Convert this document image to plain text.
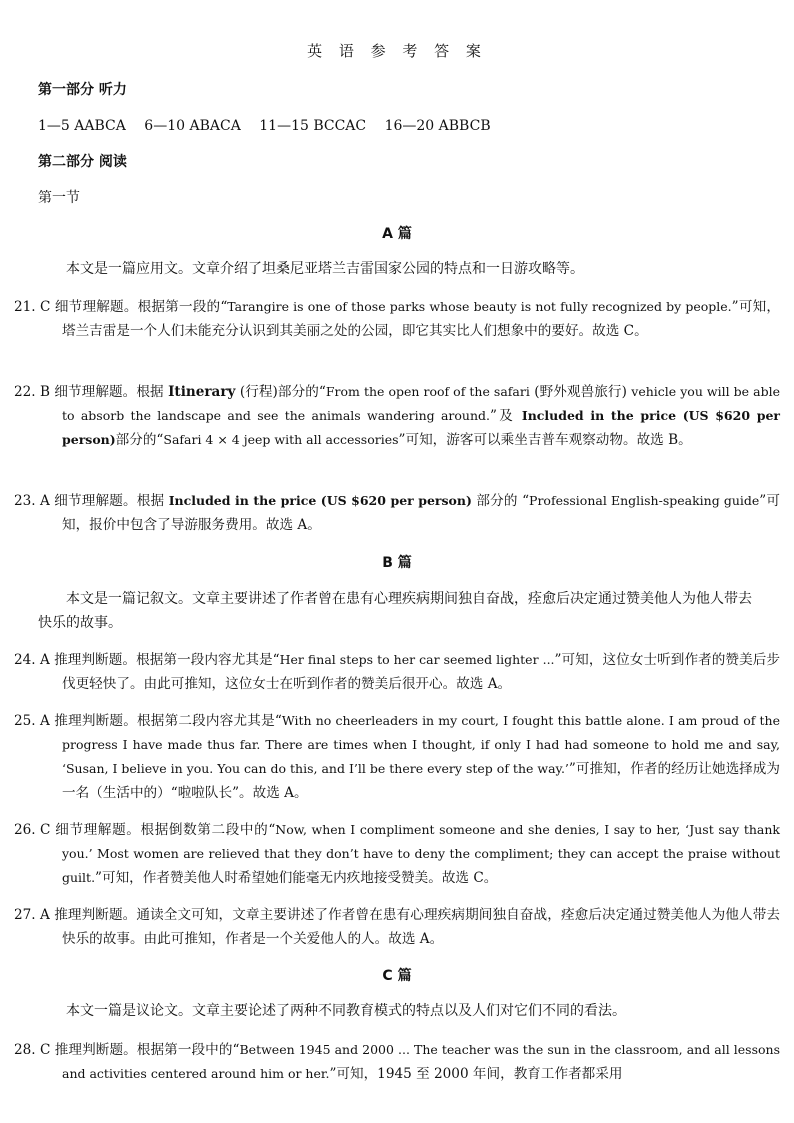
英 语 参 考 答 案
第一部分 听力
1—5 AABCA　 6—10 ABACA　 11—15 BCCAC　 16—20 ABBCB
第二部分 阅读
第一节
A 篇
本文是一篇应用文。文章介绍了坦桑尼亚塔兰吉雷国家公园的特点和一日游攻略等。
21. C 细节理解题。根据第一段的“Tarangire is one of those parks whose beauty is not fully recognized by people.”可知，塔兰吉雷是一个人们未能充分认识到其美丽之处的公园，即它其实比人们想象中的要好。故选 C。
22. B 细节理解题。根据 Itinerary (行程)部分的“From the open roof of the safari (野外观兽旅行) vehicle you will be able to absorb the landscape and see the animals wandering around.”及 Included in the price (US $620 per person)部分的“Safari 4 × 4 jeep with all accessories”可知，游客可以乘坐吉普车观察动物。故选 B。
23. A 细节理解题。根据 Included in the price (US $620 per person) 部分的 “Professional English-speaking guide”可知，报价中包含了导游服务费用。故选 A。
B 篇
本文是一篇记叙文。文章主要讲述了作者曾在患有心理疾病期间独自奋战，痊愈后决定通过赞美他人为他人带去快乐的故事。
24. A 推理判断题。根据第一段内容尤其是“Her final steps to her car seemed lighter ...”可知，这位女士听到作者的赞美后步伐更轻快了。由此可推知，这位女士在听到作者的赞美后很开心。故选 A。
25. A 推理判断题。根据第二段内容尤其是“With no cheerleaders in my court, I fought this battle alone. I am proud of the progress I have made thus far. There are times when I thought, if only I had had someone to hold me and say, ‘Susan, I believe in you. You can do this, and I’ll be there every step of the way.’”可推知，作者的经历让她选择成为一名（生活中的）“啦啦队长”。故选 A。
26. C 细节理解题。根据倒数第二段中的“Now, when I compliment someone and she denies, I say to her, ‘Just say thank you.’ Most women are relieved that they don’t have to deny the compliment; they can accept the praise without guilt.”可知，作者赞美他人时希望她们能毫无内疚地接受赞美。故选 C。
27. A 推理判断题。通读全文可知，文章主要讲述了作者曾在患有心理疾病期间独自奋战，痊愈后决定通过赞美他人为他人带去快乐的故事。由此可推知，作者是一个关爱他人的人。故选 A。
C 篇
本文一篇是议论文。文章主要论述了两种不同教育模式的特点以及人们对它们不同的看法。
28. C 推理判断题。根据第一段中的“Between 1945 and 2000 ... The teacher was the sun in the classroom, and all lessons and activities centered around him or her.”可知，1945 至 2000 年间，教育工作者都采用
